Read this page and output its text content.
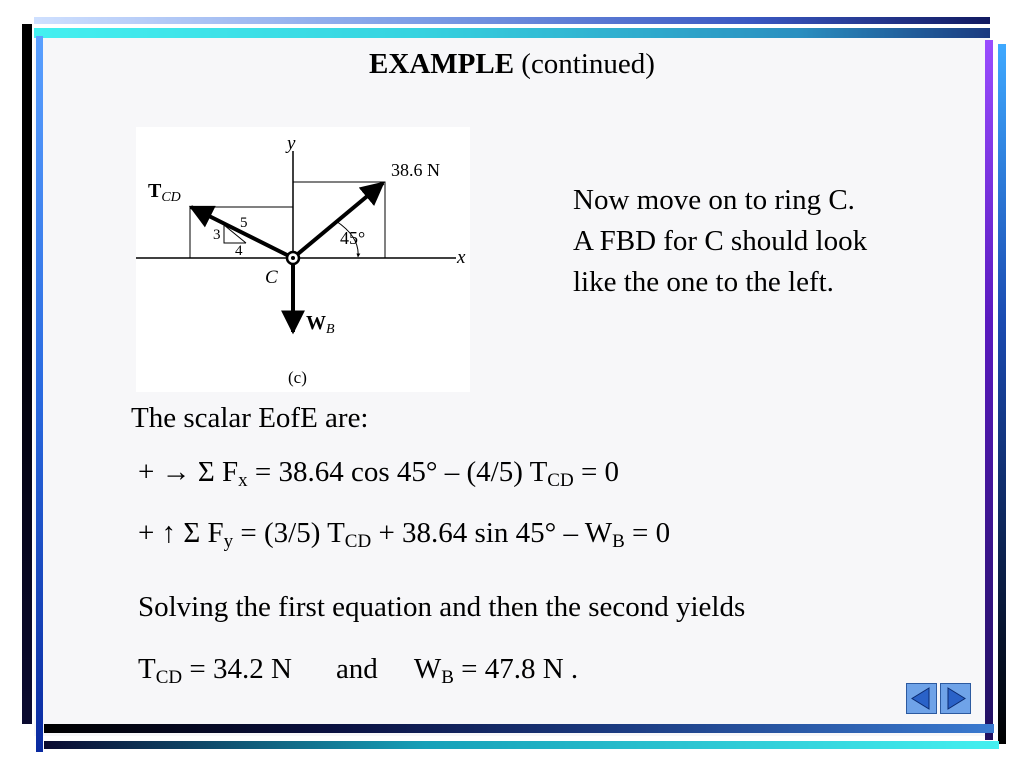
EXAMPLE (continued)
y
x
38.6 N
45°
$T_{CD}$
5
3
4
C
$W_B$
(c)
Now move on to ring C.
A FBD for C should look
like the one to the left.
The scalar EofE are:
+ → Σ $F_x = 38.64$ cos 45° – (4/5) $T_{CD} = 0$
+ ↑ Σ $F_y = (3/5) T_{CD} + 38.64$ $\sin 45^\circ - W_B = 0$
Solving the first equation and then the second yields
$T_{CD} = 34.2$ N and $W_B = 47.8$ N .
